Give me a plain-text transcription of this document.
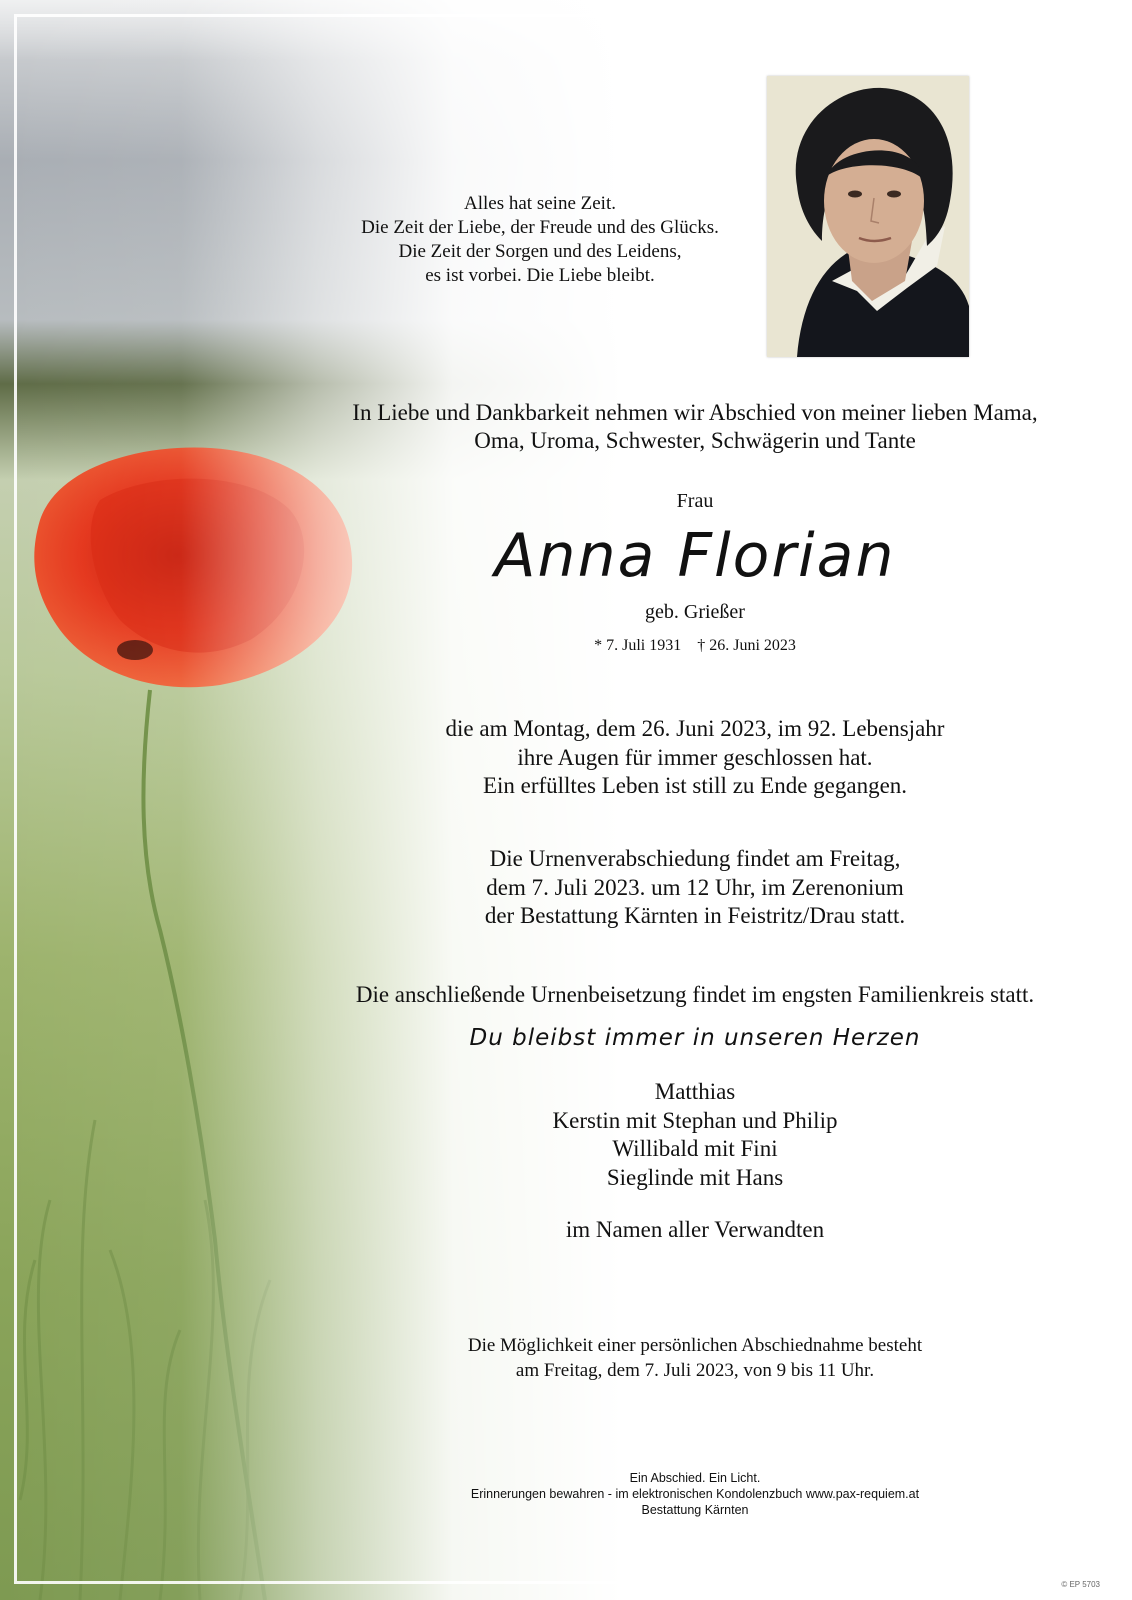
Alles hat seine Zeit.
Die Zeit der Liebe, der Freude und des Glücks.
Die Zeit der Sorgen und des Leidens,
es ist vorbei. Die Liebe bleibt.
In Liebe und Dankbarkeit nehmen wir Abschied von meiner lieben Mama,
Oma, Uroma, Schwester, Schwägerin und Tante
Frau
Anna Florian
geb. Grießer
* 7. Juli 1931 † 26. Juni 2023
die am Montag, dem 26. Juni 2023, im 92. Lebensjahr
ihre Augen für immer geschlossen hat.
Ein erfülltes Leben ist still zu Ende gegangen.
Die Urnenverabschiedung findet am Freitag,
dem 7. Juli 2023. um 12 Uhr, im Zerenonium
der Bestattung Kärnten in Feistritz/Drau statt.
Die anschließende Urnenbeisetzung findet im engsten Familienkreis statt.
Du bleibst immer in unseren Herzen
Matthias
Kerstin mit Stephan und Philip
Willibald mit Fini
Sieglinde mit Hans
im Namen aller Verwandten
Die Möglichkeit einer persönlichen Abschiednahme besteht
am Freitag, dem 7. Juli 2023, von 9 bis 11 Uhr.
Ein Abschied. Ein Licht.
Erinnerungen bewahren - im elektronischen Kondolenzbuch www.pax-requiem.at
Bestattung Kärnten
© EP 5703
